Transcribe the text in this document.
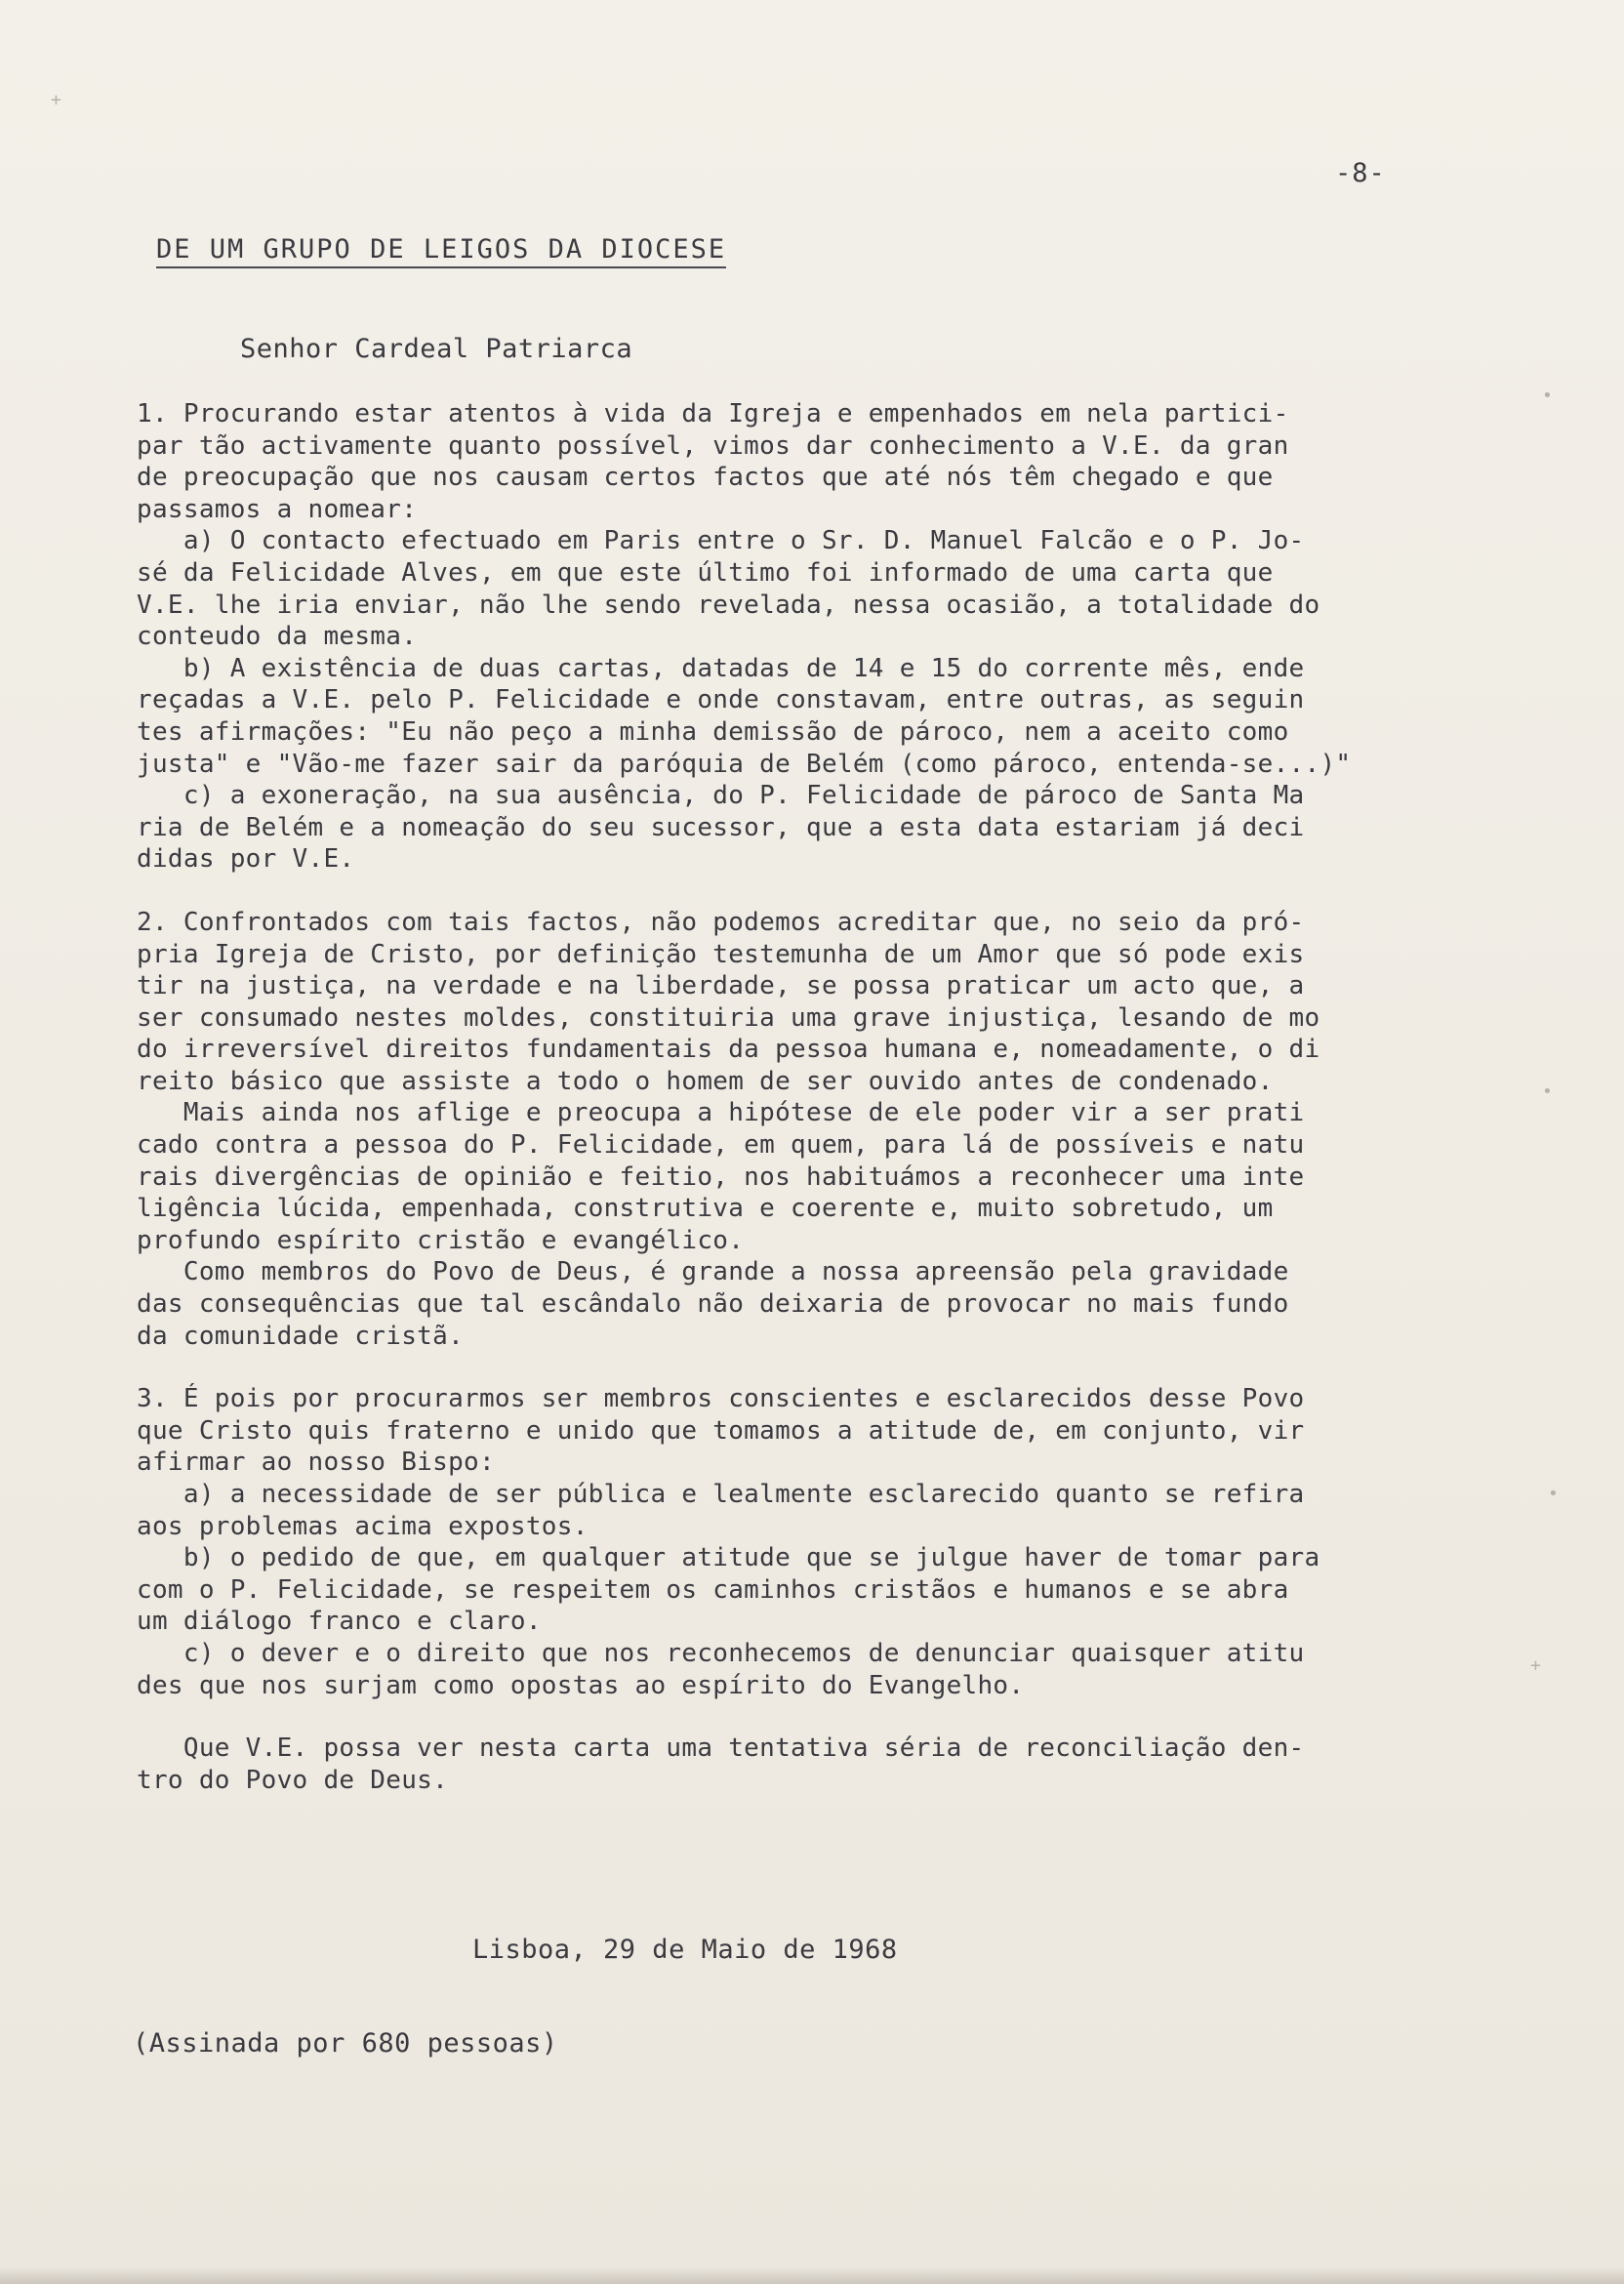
-8-
DE UM GRUPO DE LEIGOS DA DIOCESE
Senhor Cardeal Patriarca
1. Procurando estar atentos à vida da Igreja e empenhados em nela partici-
par tão activamente quanto possível, vimos dar conhecimento a V.E. da gran
de preocupação que nos causam certos factos que até nós têm chegado e que
passamos a nomear:
a) O contacto efectuado em Paris entre o Sr. D. Manuel Falcão e o P. Jo-
sé da Felicidade Alves, em que este último foi informado de uma carta que
V.E. lhe iria enviar, não lhe sendo revelada, nessa ocasião, a totalidade do
conteudo da mesma.
b) A existência de duas cartas, datadas de 14 e 15 do corrente mês, ende
reçadas a V.E. pelo P. Felicidade e onde constavam, entre outras, as seguin
tes afirmações: "Eu não peço a minha demissão de pároco, nem a aceito como
justa" e "Vão-me fazer sair da paróquia de Belém (como pároco, entenda-se...)"
c) a exoneração, na sua ausência, do P. Felicidade de pároco de Santa Ma
ria de Belém e a nomeação do seu sucessor, que a esta data estariam já deci
didas por V.E.
2. Confrontados com tais factos, não podemos acreditar que, no seio da pró-
pria Igreja de Cristo, por definição testemunha de um Amor que só pode exis
tir na justiça, na verdade e na liberdade, se possa praticar um acto que, a
ser consumado nestes moldes, constituiria uma grave injustiça, lesando de mo
do irreversível direitos fundamentais da pessoa humana e, nomeadamente, o di
reito básico que assiste a todo o homem de ser ouvido antes de condenado.
Mais ainda nos aflige e preocupa a hipótese de ele poder vir a ser prati
cado contra a pessoa do P. Felicidade, em quem, para lá de possíveis e natu
rais divergências de opinião e feitio, nos habituámos a reconhecer uma inte
ligência lúcida, empenhada, construtiva e coerente e, muito sobretudo, um
profundo espírito cristão e evangélico.
Como membros do Povo de Deus, é grande a nossa apreensão pela gravidade
das consequências que tal escândalo não deixaria de provocar no mais fundo
da comunidade cristã.
3. É pois por procurarmos ser membros conscientes e esclarecidos desse Povo
que Cristo quis fraterno e unido que tomamos a atitude de, em conjunto, vir
afirmar ao nosso Bispo:
a) a necessidade de ser pública e lealmente esclarecido quanto se refira
aos problemas acima expostos.
b) o pedido de que, em qualquer atitude que se julgue haver de tomar para
com o P. Felicidade, se respeitem os caminhos cristãos e humanos e se abra
um diálogo franco e claro.
c) o dever e o direito que nos reconhecemos de denunciar quaisquer atitu
des que nos surjam como opostas ao espírito do Evangelho.
Que V.E. possa ver nesta carta uma tentativa séria de reconciliação den-
tro do Povo de Deus.
Lisboa, 29 de Maio de 1968
(Assinada por 680 pessoas)
+
•
•
•
+
